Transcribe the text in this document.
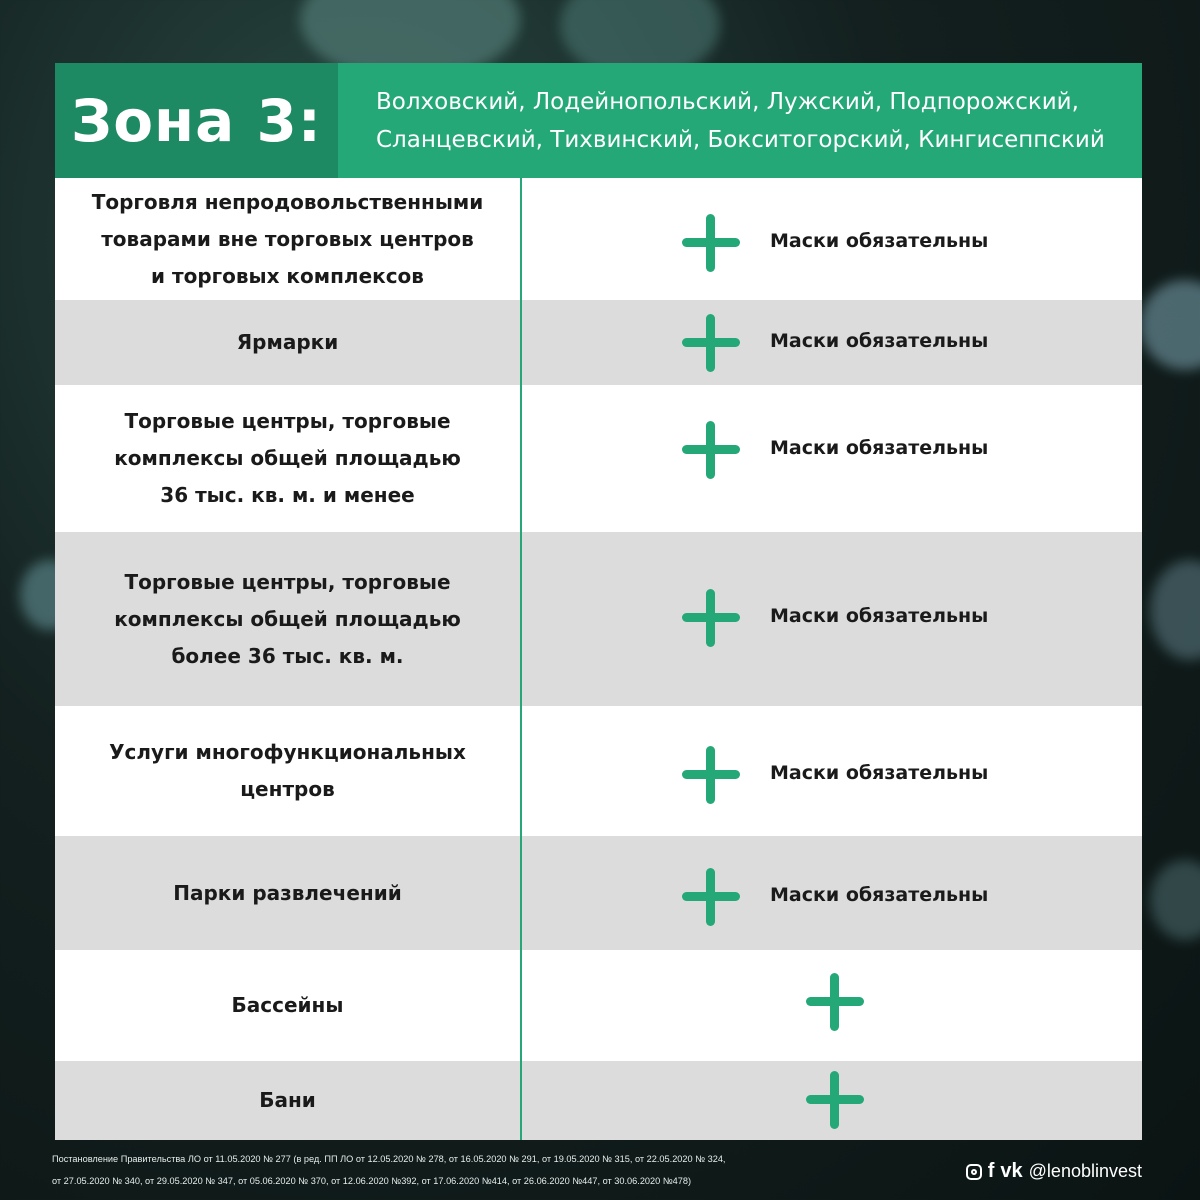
Зона 3:	Волховский, Лодейнопольский, Лужский, Подпорожский,
Сланцевский, Тихвинский, Бокситогорский, Кингисеппский
Торговля непродовольственными
товарами вне торговых центров
и торговых комплексов
Маски обязательны
Ярмарки	Маски обязательны
Торговые центры, торговые
комплексы общей площадью
36 тыс. кв. м. и менее
Маски обязательны
Торговые центры, торговые
комплексы общей площадью
более 36 тыс. кв. м.
Маски обязательны
Услуги многофункциональных
центров
Маски обязательны
Парки развлечений	Маски обязательны
Бассейны
Бани
Постановление Правительства ЛО от 11.05.2020 № 277 (в ред. ПП ЛО от 12.05.2020 № 278, от 16.05.2020 № 291, от 19.05.2020 № 315, от 22.05.2020 № 324,
от 27.05.2020 № 340, от 29.05.2020 № 347, от 05.06.2020 № 370, от 12.06.2020 №392, от 17.06.2020 №414, от 26.06.2020 №447, от 30.06.2020 №478)	f vk @lenoblinvest
